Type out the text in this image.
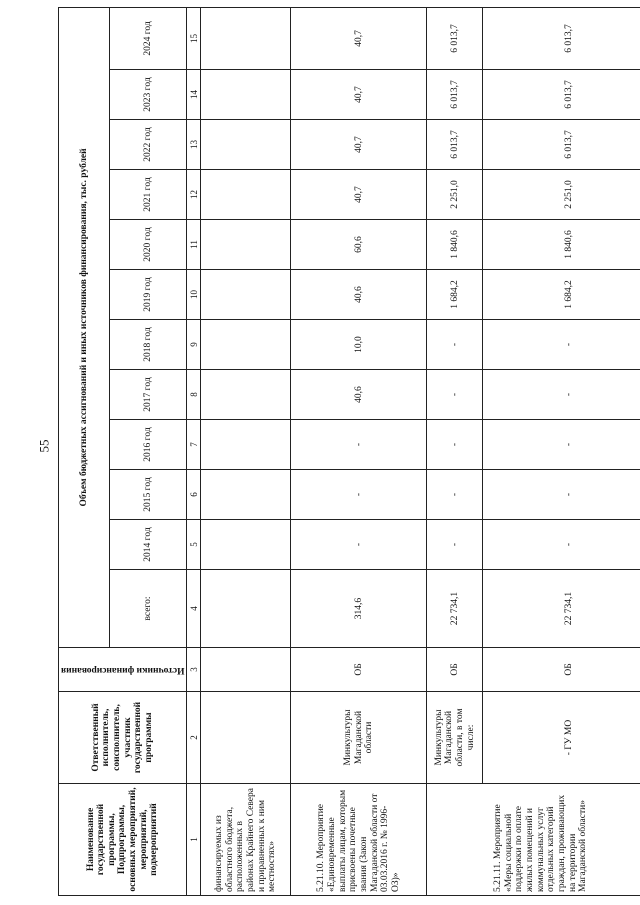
55
Наименование государственной программы, Подпрограммы, основных мероприятий, мероприятий, подмероприятий	Ответственный исполнитель, соисполнитель, участник государственной программы	Источники финансирования	Объем бюджетных ассигнований и иных источников финансирования, тыс. рублей											
			всего:	2014 год	2015 год	2016 год	2017 год	2018 год	2019 год	2020 год	2021 год	2022 год	2023 год	2024 год
1	2	3	4	5	6	7	8	9	10	11	12	13	14	15
финансируемых из областного бюджета, расположенных в районах Крайнего Севера и приравненных к ним местностях»														
5.21.10. Мероприятие «Единовременные выплаты лицам, которым присвоены почетные звания (Закон Магаданской области от 03.03.2016 г. № 1996-ОЗ)»	Минкультуры Магаданской области	ОБ	314,6	-	-	-	40,6	10,0	40,6	60,6	40,7	40,7	40,7	40,7
5.21.11. Мероприятие «Меры социальной поддержки по оплате жилых помещений и коммунальных услуг отдельных категорий граждан, проживающих на территории Магаданской области»	Минкультуры Магаданской области, в том числе:	ОБ	22 734,1	-	-	-	-	-	1 684,2	1 840,6	2 251,0	6 013,7	6 013,7	6 013,7
	- ГУ МО	ОБ	22 734,1	-	-	-	-	-	1 684,2	1 840,6	2 251,0	6 013,7	6 013,7	6 013,7
